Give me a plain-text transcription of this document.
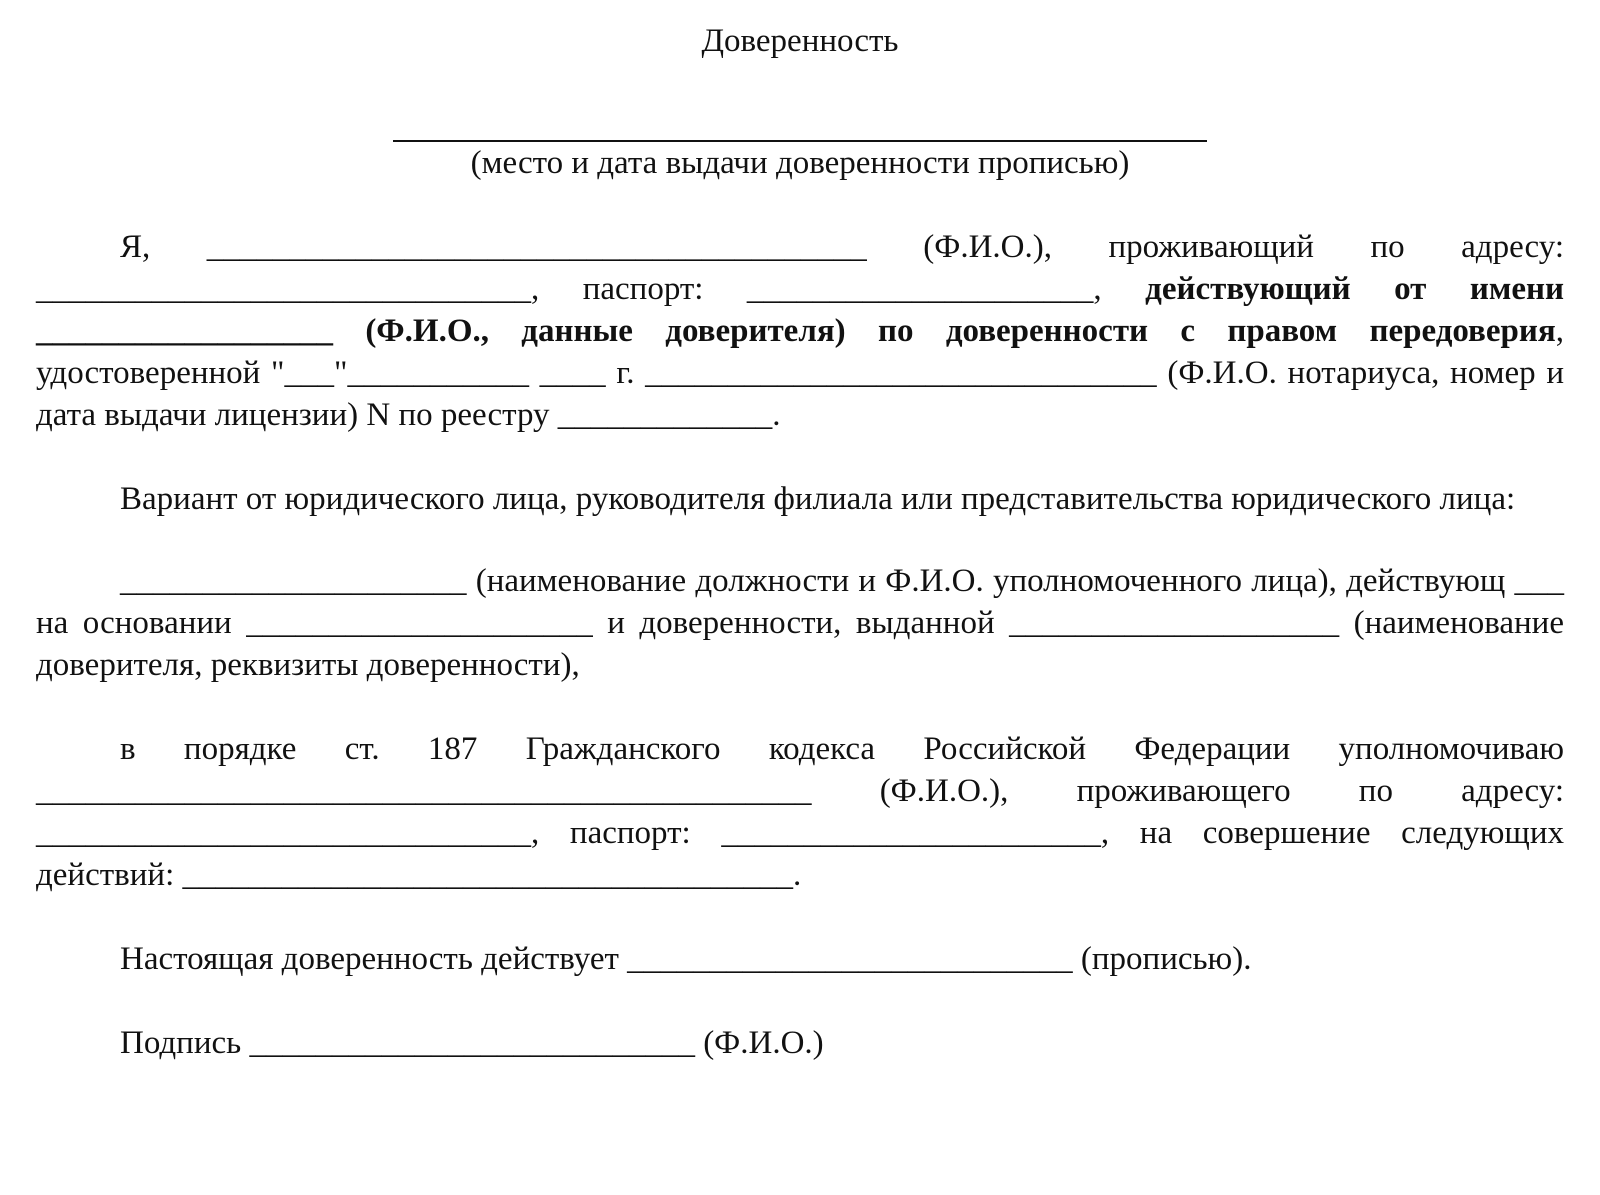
Доверенность
(место и дата выдачи доверенности прописью)

Я, ________________________________________ (Ф.И.О.), проживающий по адресу: ______________________________, паспорт: _____________________, действующий от имени __________________ (Ф.И.О., данные доверителя) по доверенности с правом передоверия, удостоверенной "___"___________ ____ г. _______________________________ (Ф.И.О. нотариуса, номер и дата выдачи лицензии) N по реестру _____________.

Вариант от юридического лица, руководителя филиала или представительства юридического лица:

_____________________ (наименование должности и Ф.И.О. уполномоченного лица), действующ ___ на основании _____________________ и доверенности, выданной ____________________ (наименование доверителя, реквизиты доверенности),

в порядке ст. 187 Гражданского кодекса Российской Федерации уполномочиваю _______________________________________________ (Ф.И.О.), проживающего по адресу: ______________________________, паспорт: _______________________, на совершение следующих действий: _____________________________________.

Настоящая доверенность действует ___________________________ (прописью).

Подпись ___________________________ (Ф.И.О.)
